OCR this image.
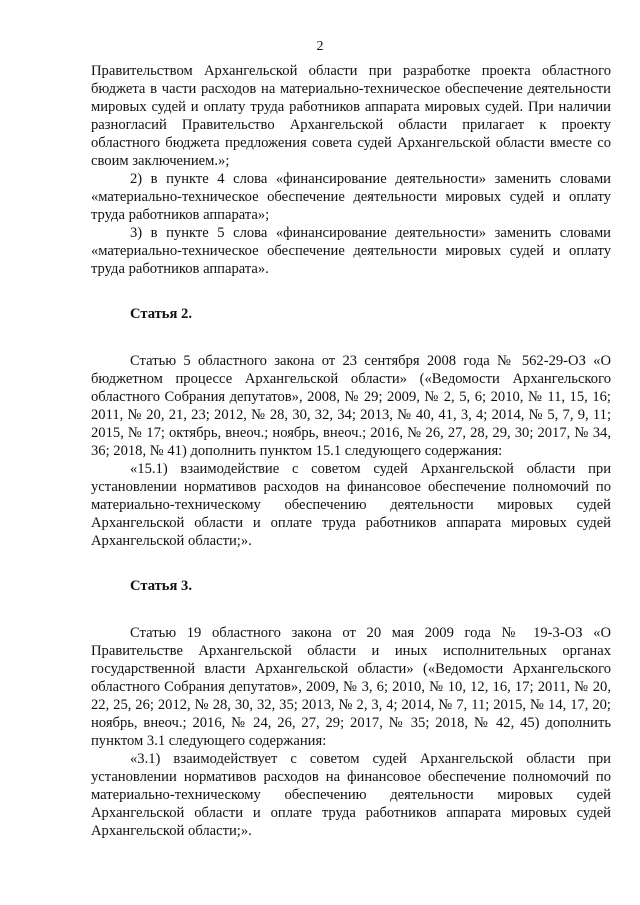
2

Правительством Архангельской области при разработке проекта областного бюджета в части расходов на материально-техническое обеспечение деятельности мировых судей и оплату труда работников аппарата мировых судей. При наличии разногласий Правительство Архангельской области прилагает к проекту областного бюджета предложения совета судей Архангельской области вместе со своим заключением.»;

2) в пункте 4 слова «финансирование деятельности» заменить словами «материально-техническое обеспечение деятельности мировых судей и оплату труда работников аппарата»;

3) в пункте 5 слова «финансирование деятельности» заменить словами «материально-техническое обеспечение деятельности мировых судей и оплату труда работников аппарата».

Статья 2.

Статью 5 областного закона от 23 сентября 2008 года № 562-29-ОЗ «О бюджетном процессе Архангельской области» («Ведомости Архангельского областного Собрания депутатов», 2008, № 29; 2009, № 2, 5, 6; 2010, № 11, 15, 16; 2011, № 20, 21, 23; 2012, № 28, 30, 32, 34; 2013, № 40, 41, 3, 4; 2014, № 5, 7, 9, 11; 2015, № 17; октябрь, внеоч.; ноябрь, внеоч.; 2016, № 26, 27, 28, 29, 30; 2017, № 34, 36; 2018, № 41) дополнить пунктом 15.1 следующего содержания:

«15.1) взаимодействие с советом судей Архангельской области при установлении нормативов расходов на финансовое обеспечение полномочий по материально-техническому обеспечению деятельности мировых судей Архангельской области и оплате труда работников аппарата мировых судей Архангельской области;».

Статья 3.

Статью 19 областного закона от 20 мая 2009 года № 19-3-ОЗ «О Правительстве Архангельской области и иных исполнительных органах государственной власти Архангельской области» («Ведомости Архангельского областного Собрания депутатов», 2009, № 3, 6; 2010, № 10, 12, 16, 17; 2011, № 20, 22, 25, 26; 2012, № 28, 30, 32, 35; 2013, № 2, 3, 4; 2014, № 7, 11; 2015, № 14, 17, 20; ноябрь, внеоч.; 2016, № 24, 26, 27, 29; 2017, № 35; 2018, № 42, 45) дополнить пунктом 3.1 следующего содержания:

«3.1) взаимодействует с советом судей Архангельской области при установлении нормативов расходов на финансовое обеспечение полномочий по материально-техническому обеспечению деятельности мировых судей Архангельской области и оплате труда работников аппарата мировых судей Архангельской области;».
